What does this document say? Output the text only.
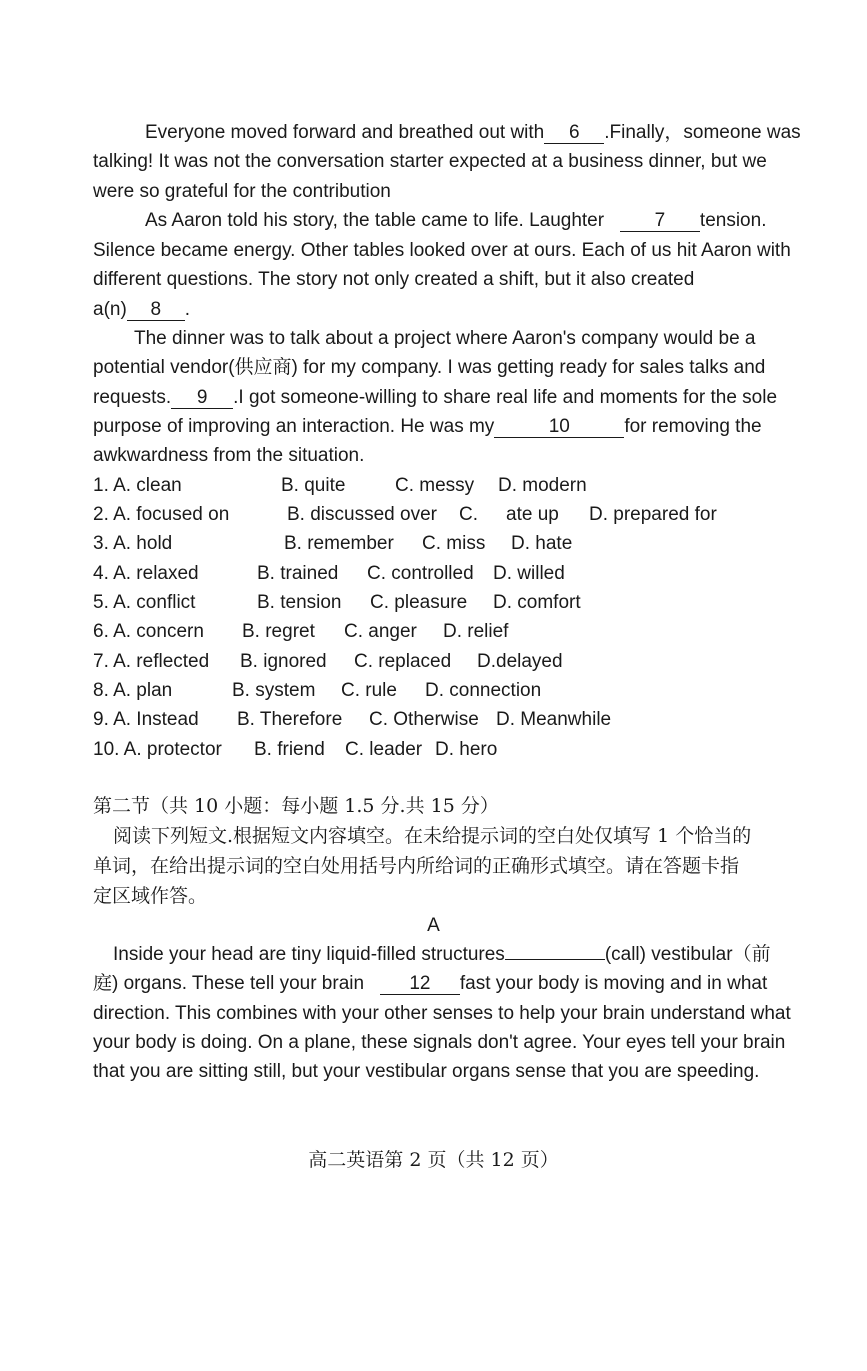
Everyone moved forward and breathed out with 6 .Finally，someone was
talking! It was not the conversation starter expected at a business dinner, but we
were so grateful for the contribution
As Aaron told his story, the table came to life. Laughter	7 tension.
Silence became energy. Other tables looked over at ours. Each of us hit Aaron with
different questions. The story not only created a shift, but it also created
a(n) 8 .
The dinner was to talk about a project where Aaron's company would be a
potential vendor(供应商) for my company. I was getting ready for sales talks and
requests. 9 .I got someone-willing to share real life and moments for the sole
purpose of improving an interaction. He was my	10	for removing the
awkwardness from the situation.
1. A. clean	B. quite	C. messy D. modern
2. A. focused on	B. discussed over C. ate up D. prepared for
3. A. hold	B. remember C. miss D. hate
4. A. relaxed	B. trained C. controlled D. willed
5. A. conflict	B. tension C. pleasure D. comfort
6. A. concern B. regret C. anger D. relief
7. A. reflected B. ignored C. replaced D.delayed
8. A. plan	B. system C. rule D. connection
9. A. Instead B. Therefore C. Otherwise D. Meanwhile
10. A. protector B. friend C. leader D. hero
第二节（共 10 小题：每小题 1.5 分.共 15 分）
阅读下列短文.根据短文内容填空。在未给提示词的空白处仅填写 1 个恰当的
单词，在给出提示词的空白处用括号内所给词的正确形式填空。请在答题卡指
定区域作答。
A
Inside your head are tiny liquid-filled structures	(call) vestibular（前
庭) organs. These tell your brain 12 fast your body is moving and in what
direction. This combines with your other senses to help your brain understand what
your body is doing. On a plane, these signals don't agree. Your eyes tell your brain
that you are sitting still, but your vestibular organs sense that you are speeding.
高二英语第 2 页（共 12 页）
